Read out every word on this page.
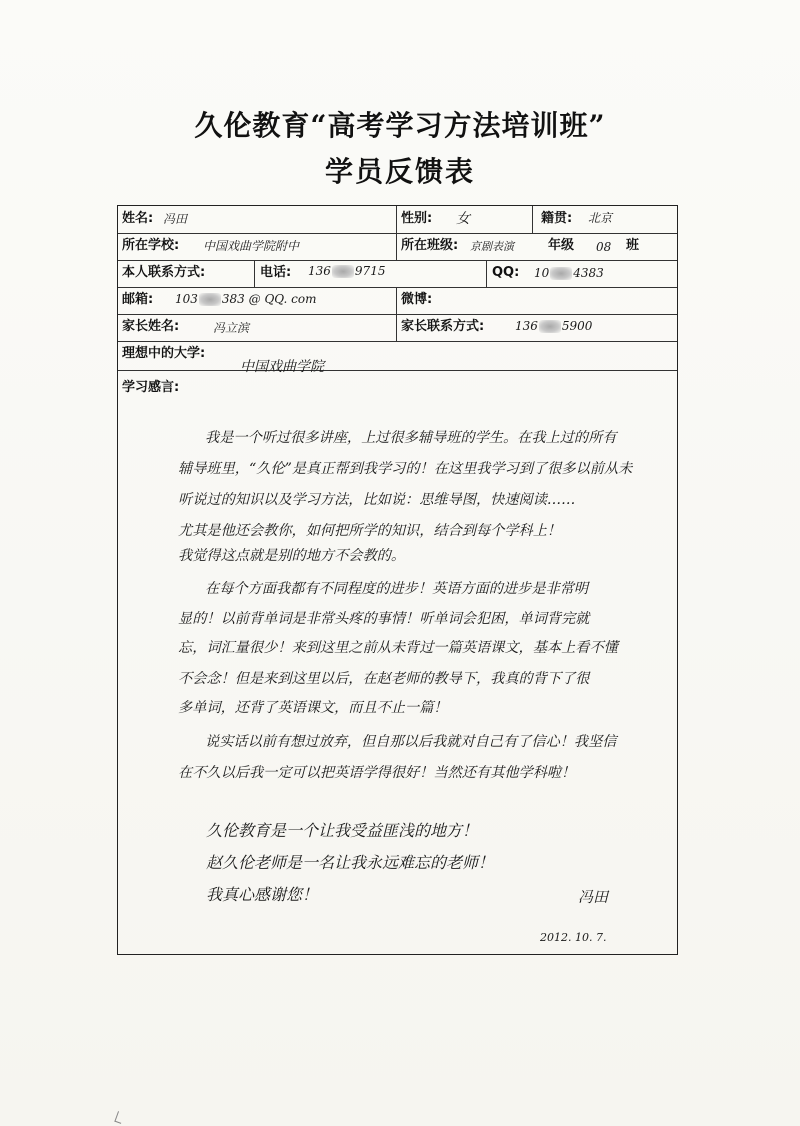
久伦教育“高考学习方法培训班”
学员反馈表
姓名: 冯田	性别: 女	籍贯: 北京
所在学校: 中国戏曲学院附中	所在班级: 京剧表演	年级 08 班
本人联系方式:	电话: 136 9715	QQ: 10 4383
邮箱: 103 383 @ QQ. com	微博:
家长姓名:	冯立滨	家长联系方式:	136 5900
理想中的大学:
中国戏曲学院
学习感言:
我是一个听过很多讲座，上过很多辅导班的学生。在我上过的所有
辅导班里，“久伦”是真正帮到我学习的！在这里我学习到了很多以前从未
听说过的知识以及学习方法，比如说：思维导图，快速阅读……
尤其是他还会教你，如何把所学的知识，结合到每个学科上！
我觉得这点就是别的地方不会教的。
在每个方面我都有不同程度的进步！英语方面的进步是非常明
显的！以前背单词是非常头疼的事情！听单词会犯困，单词背完就
忘，词汇量很少！来到这里之前从未背过一篇英语课文，基本上看不懂
不会念！但是来到这里以后，在赵老师的教导下，我真的背下了很
多单词，还背了英语课文，而且不止一篇！
说实话以前有想过放弃，但自那以后我就对自己有了信心！我坚信
在不久以后我一定可以把英语学得很好！当然还有其他学科啦！
久伦教育是一个让我受益匪浅的地方！
赵久伦老师是一名让我永远难忘的老师！
我真心感谢您！	冯田
2012. 10. 7.
